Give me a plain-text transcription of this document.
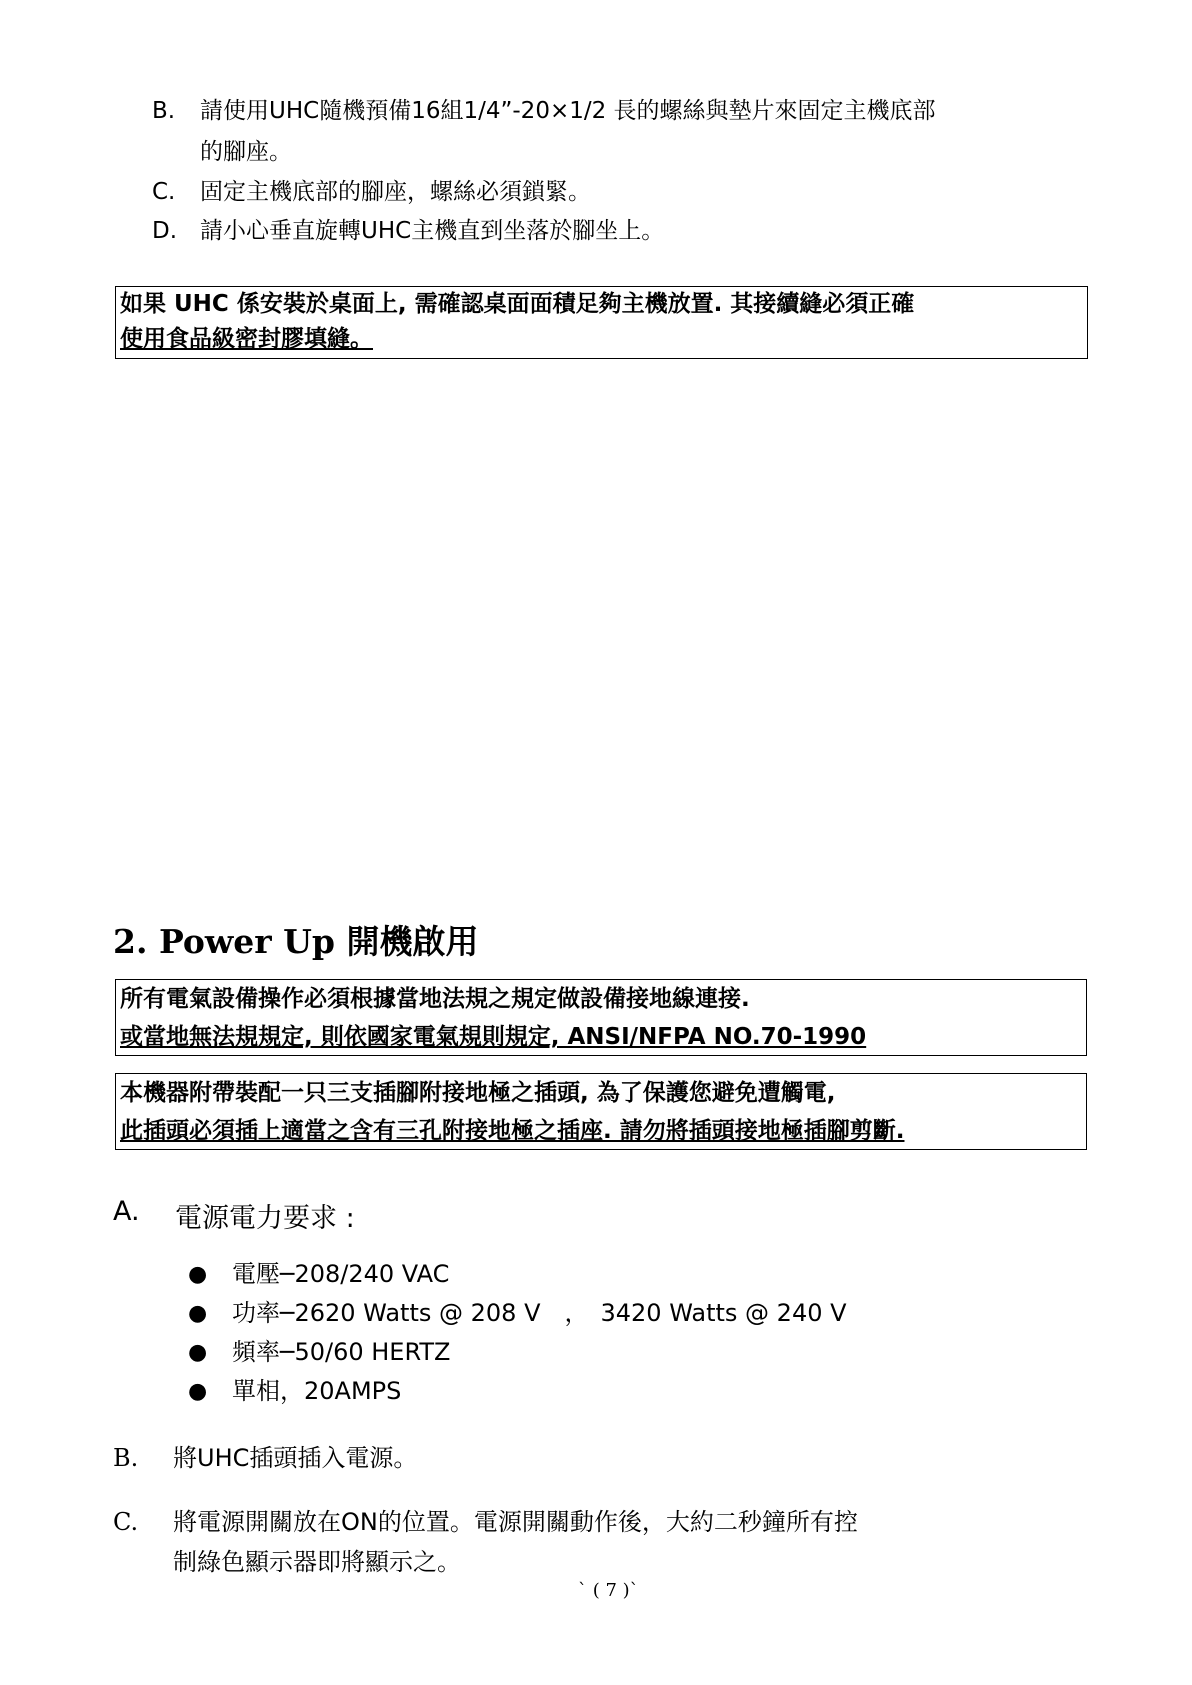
B. 請使用UHC隨機預備16組1/4”-20×1/2 長的螺絲與墊片來固定主機底部
的腳座。
C. 固定主機底部的腳座，螺絲必須鎖緊。
D. 請小心垂直旋轉UHC主機直到坐落於腳坐上。
如果 UHC 係安裝於桌面上, 需確認桌面面積足夠主機放置. 其接續縫必須正確
使用食品級密封膠填縫。
2. Power Up 開機啟用
所有電氣設備操作必須根據當地法規之規定做設備接地線連接.
或當地無法規規定, 則依國家電氣規則規定, ANSI/NFPA NO.70-1990
本機器附帶裝配一只三支插腳附接地極之插頭, 為了保護您避免遭觸電,
此插頭必須插上適當之含有三孔附接地極之插座. 請勿將插頭接地極插腳剪斷.
A. 電源電力要求 :
● 電壓─208/240 VAC
● 功率─2620 Watts @ 208 V　，　3420 Watts @ 240 V
● 頻率─50/60 HERTZ
● 單相，20AMPS
B. 將UHC插頭插入電源。
C. 將電源開關放在ON的位置。電源開關動作後，大約二秒鐘所有控
制綠色顯示器即將顯示之。
` ( 7 )`
